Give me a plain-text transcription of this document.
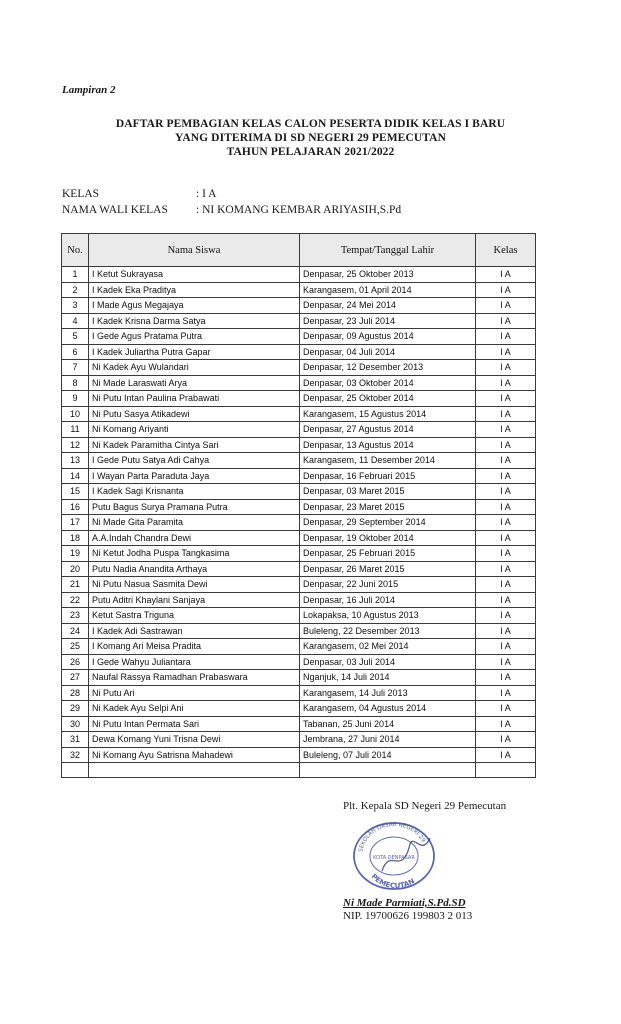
Lampiran 2
DAFTAR PEMBAGIAN KELAS CALON PESERTA DIDIK KELAS I BARU
YANG DITERIMA DI SD NEGERI 29 PEMECUTAN
TAHUN PELAJARAN 2021/2022
KELAS	: I A
NAMA WALI KELAS : NI KOMANG KEMBAR ARIYASIH,S.Pd
No.	Nama Siswa	Tempat/Tanggal Lahir	Kelas
1	I Ketut Sukrayasa	Denpasar, 25 Oktober 2013	I A
2	I Kadek Eka Praditya	Karangasem, 01 April 2014	I A
3	I Made Agus Megajaya	Denpasar, 24 Mei 2014	I A
4	I Kadek Krisna Darma Satya	Denpasar, 23 Juli 2014	I A
5	I Gede Agus Pratama Putra	Denpasar, 09 Agustus 2014	I A
6	I Kadek Juliartha Putra Gapar	Denpasar, 04 Juli 2014	I A
7	Ni Kadek Ayu Wulandari	Denpasar, 12 Desember 2013	I A
8	Ni Made Laraswati Arya	Denpasar, 03 Oktober 2014	I A
9	Ni Putu Intan Paulina Prabawati	Denpasar, 25 Oktober 2014	I A
10	Ni Putu Sasya Atikadewi	Karangasem, 15 Agustus 2014	I A
11	Ni Komang Ariyanti	Denpasar, 27 Agustus 2014	I A
12	Ni Kadek Paramitha Cintya Sari	Denpasar, 13 Agustus 2014	I A
13	I Gede Putu Satya Adi Cahya	Karangasem, 11 Desember 2014	I A
14	I Wayan Parta Paraduta Jaya	Denpasar, 16 Februari 2015	I A
15	I Kadek Sagi Krisnanta	Denpasar, 03 Maret 2015	I A
16	Putu Bagus Surya Pramana Putra	Denpasar, 23 Maret 2015	I A
17	Ni Made Gita Paramita	Denpasar, 29 September 2014	I A
18	A.A.Indah Chandra Dewi	Denpasar, 19 Oktober 2014	I A
19	Ni Ketut Jodha Puspa Tangkasima	Denpasar, 25 Februari 2015	I A
20	Putu Nadia Anandita Arthaya	Denpasar, 26 Maret 2015	I A
21	Ni Putu Nasua Sasmita Dewi	Denpasar, 22 Juni 2015	I A
22	Putu Aditri Khaylani Sanjaya	Denpasar, 16 Juli 2014	I A
23	Ketut Sastra Triguna	Lokapaksa, 10 Agustus 2013	I A
24	I Kadek Adi Sastrawan	Buleleng, 22 Desember 2013	I A
25	I Komang Ari Meisa Pradita	Karangasem, 02 Mei 2014	I A
26	I Gede Wahyu Juliantara	Denpasar, 03 Juli 2014	I A
27	Naufal Rassya Ramadhan Prabaswara	Nganjuk, 14 Juli 2014	I A
28	Ni Putu Ari	Karangasem, 14 Juli 2013	I A
29	Ni Kadek Ayu Selpi Ani	Karangasem, 04 Agustus 2014	I A
30	Ni Putu Intan Permata Sari	Tabanan, 25 Juni 2014	I A
31	Dewa Komang Yuni Trisna Dewi	Jembrana, 27 Juni 2014	I A
32	Ni Komang Ayu Satrisna Mahadewi	Buleleng, 07 Juli 2014	I A

Plt. Kepala SD Negeri 29 Pemecutan
SEKOLAH DASAR NEGERI 29
PEMECUTAN
KOTA DENPASAR
Ni Made Parmiati,S.Pd.SD
NIP. 19700626 199803 2 013
